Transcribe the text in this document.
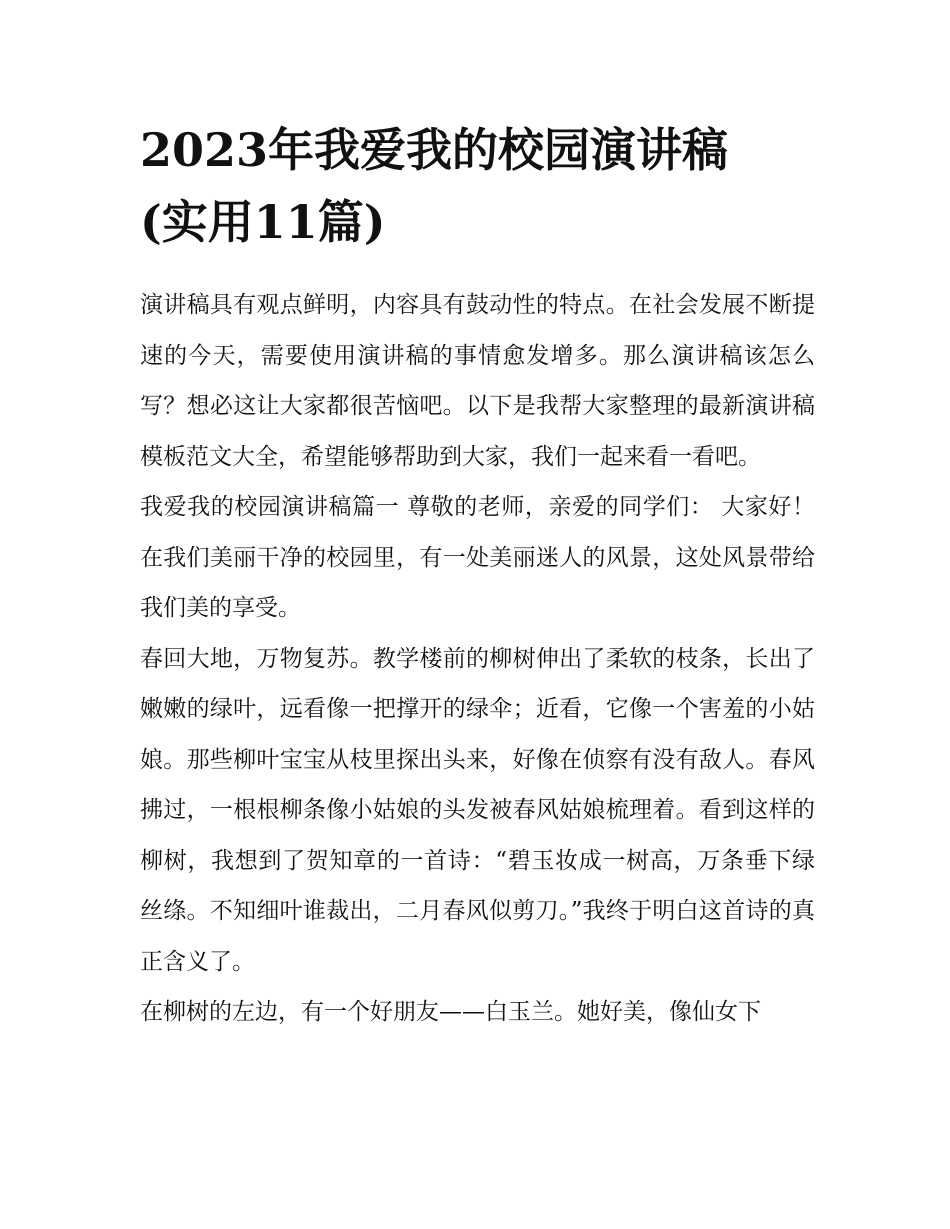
2023年我爱我的校园演讲稿
(实用11篇)

演讲稿具有观点鲜明，内容具有鼓动性的特点。在社会发展不断提速的今天，需要使用演讲稿的事情愈发增多。那么演讲稿该怎么写？想必这让大家都很苦恼吧。以下是我帮大家整理的最新演讲稿模板范文大全，希望能够帮助到大家，我们一起来看一看吧。

我爱我的校园演讲稿篇一 尊敬的老师，亲爱的同学们： 大家好！ 在我们美丽干净的校园里，有一处美丽迷人的风景，这处风景带给我们美的享受。

春回大地，万物复苏。教学楼前的柳树伸出了柔软的枝条，长出了嫩嫩的绿叶，远看像一把撑开的绿伞；近看，它像一个害羞的小姑娘。那些柳叶宝宝从枝里探出头来，好像在侦察有没有敌人。春风拂过，一根根柳条像小姑娘的头发被春风姑娘梳理着。看到这样的柳树，我想到了贺知章的一首诗：“碧玉妆成一树高，万条垂下绿丝绦。不知细叶谁裁出，二月春风似剪刀。”我终于明白这首诗的真正含义了。

在柳树的左边，有一个好朋友——白玉兰。她好美，像仙女下
